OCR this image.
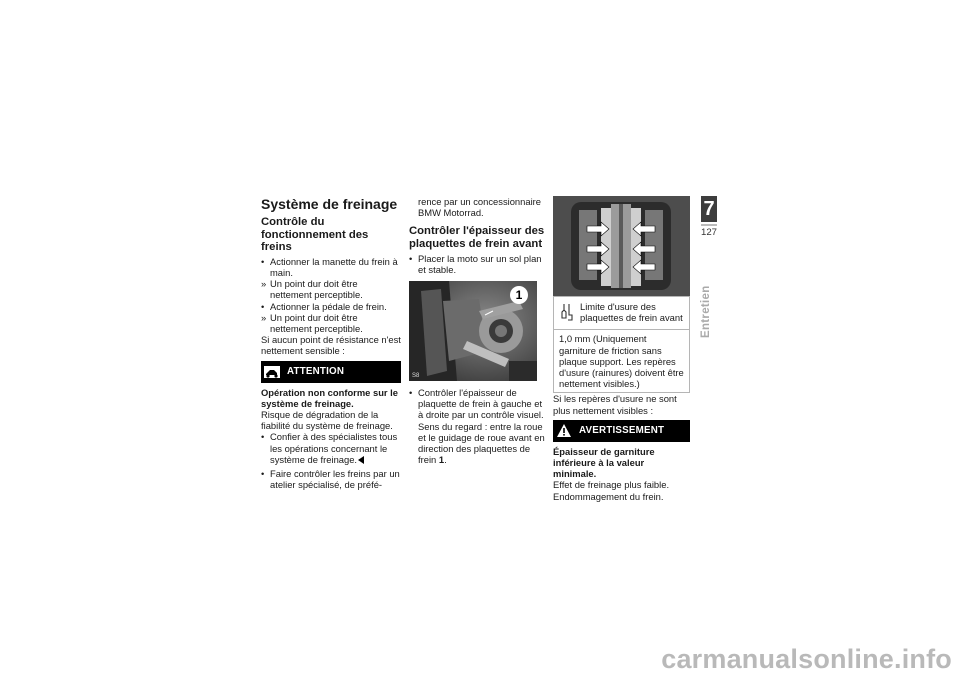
Système de freinage
Contrôle du fonctionnement des freins
• Actionner la manette du frein à main.
» Un point dur doit être nettement perceptible.
• Actionner la pédale de frein.
» Un point dur doit être nettement perceptible.

Si aucun point de résistance n'est nettement sensible :

ATTENTION

Opération non conforme sur le système de freinage.

Risque de dégradation de la fiabilité du système de freinage.

• Confier à des spécialistes tous les opérations concernant le système de freinage.
• Faire contrôler les freins par un atelier spécialisé, de préfé-

rence par un concessionnaire BMW Motorrad.

Contrôler l'épaisseur des plaquettes de frein avant
• Placer la moto sur un sol plan et stable.
1
S8
• Contrôler l'épaisseur de plaquette de frein à gauche et à droite par un contrôle visuel. Sens du regard : entre la roue et le guidage de roue avant en direction des plaquettes de frein 1.
Limite d'usure des plaquettes de frein avant
1,0 mm (Uniquement garniture de friction sans plaque support. Les repères d'usure (rainures) doivent être nettement visibles.)

Si les repères d'usure ne sont plus nettement visibles :

AVERTISSEMENT

Épaisseur de garniture inférieure à la valeur minimale.

Effet de freinage plus faible. Endommagement du frein.

7
127
Entretien
carmanualsonline.info
